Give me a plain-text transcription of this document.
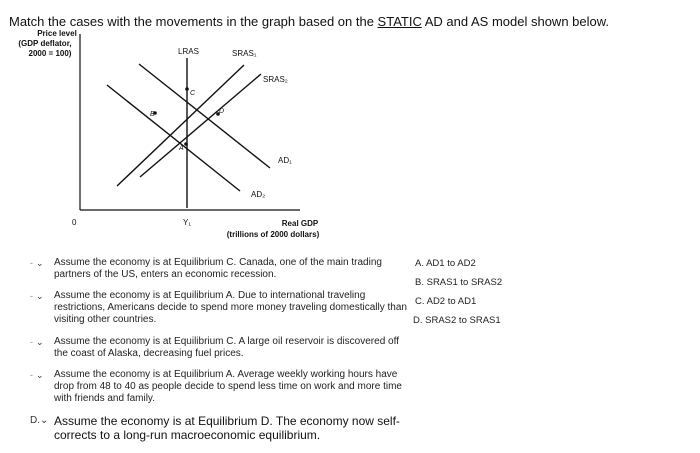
Match the cases with the movements in the graph based on the STATIC AD and AS model shown below.
Price level
(GDP deflator,
2000 = 100)
0	Real GDP
(trillions of 2000 dollars)
Y₁
LRAS	SRAS₁
SRAS₂
AD₁
AD₂
A
B
C
D
- ⌄	Assume the economy is at Equilibrium C. Canada, one of the main trading partners of the US, enters an economic recession.
- ⌄	Assume the economy is at Equilibrium A. Due to international traveling restrictions, Americans decide to spend more money traveling domestically than visiting other countries.
- ⌄	Assume the economy is at Equilibrium C. A large oil reservoir is discovered off the coast of Alaska, decreasing fuel prices.
- ⌄	Assume the economy is at Equilibrium A. Average weekly working hours have drop from 48 to 40 as people decide to spend less time on work and more time with friends and family.
D.⌄ Assume the economy is at Equilibrium D. The economy now self-corrects to a long-run macroeconomic equilibrium.
A. AD1 to AD2
B. SRAS1 to SRAS2
C. AD2 to AD1
D. SRAS2 to SRAS1
